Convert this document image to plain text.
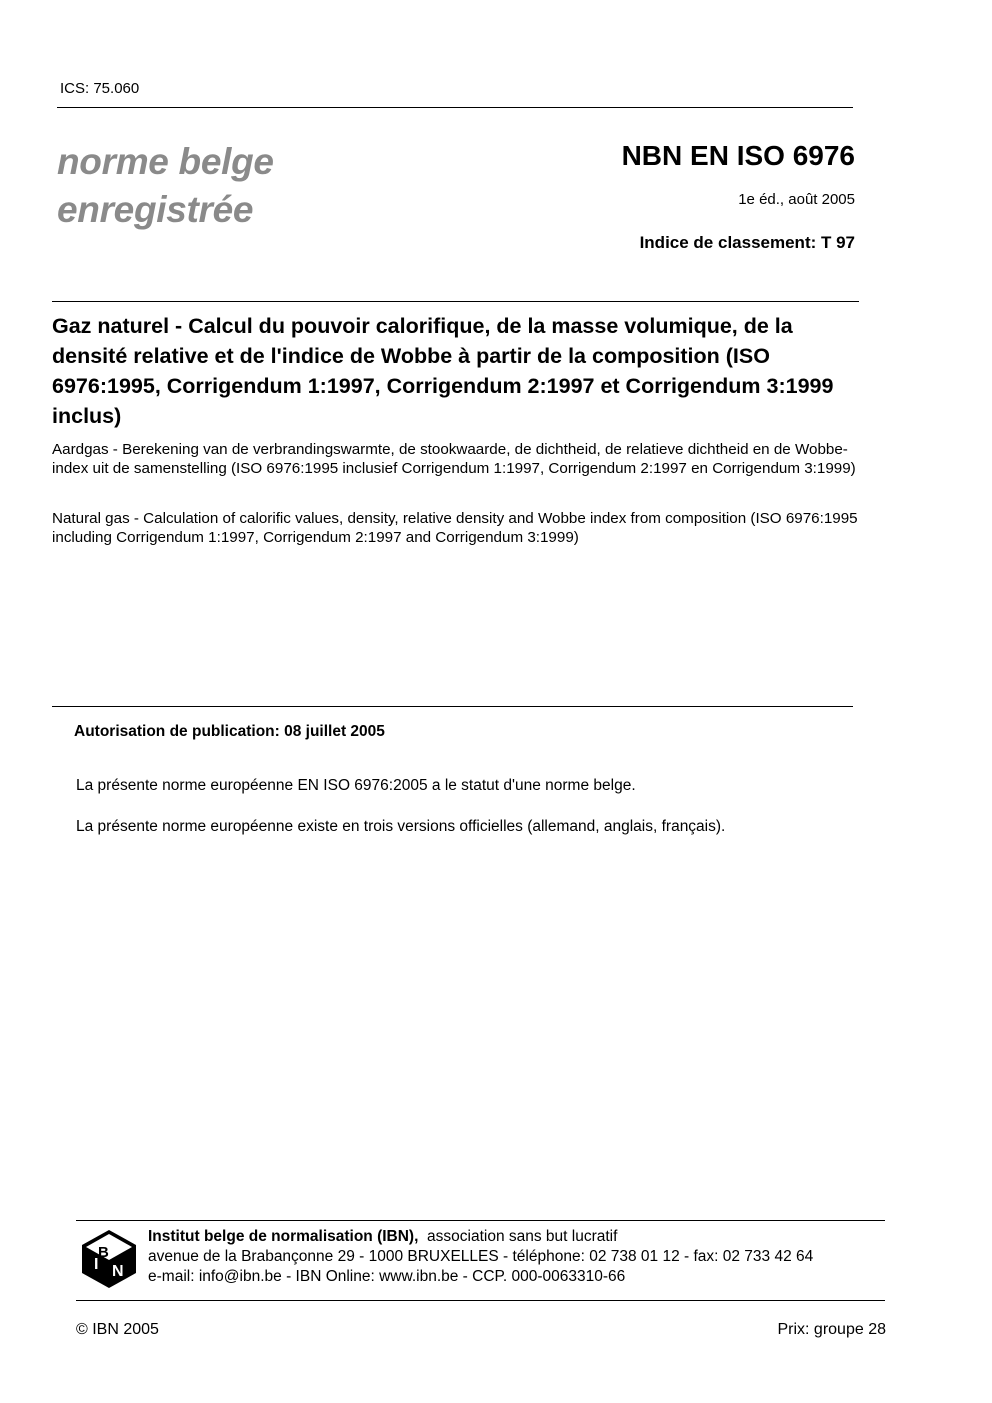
ICS: 75.060
norme belge
enregistrée
NBN EN ISO 6976
1e éd., août 2005
Indice de classement: T 97
Gaz naturel - Calcul du pouvoir calorifique, de la masse volumique, de la densité relative et de l'indice de Wobbe à partir de la composition (ISO 6976:1995, Corrigendum 1:1997, Corrigendum 2:1997 et Corrigendum 3:1999 inclus)
Aardgas - Berekening van de verbrandingswarmte, de stookwaarde, de dichtheid, de relatieve dichtheid en de Wobbe-index uit de samenstelling (ISO 6976:1995 inclusief Corrigendum 1:1997, Corrigendum 2:1997 en Corrigendum 3:1999)
Natural gas - Calculation of calorific values, density, relative density and Wobbe index from composition (ISO 6976:1995 including Corrigendum 1:1997, Corrigendum 2:1997 and Corrigendum 3:1999)
Autorisation de publication: 08 juillet 2005
La présente norme européenne EN ISO 6976:2005 a le statut d'une norme belge.
La présente norme européenne existe en trois versions officielles (allemand, anglais, français).
I
B
N
Institut belge de normalisation (IBN), association sans but lucratif
avenue de la Brabançonne 29 - 1000 BRUXELLES - téléphone: 02 738 01 12 - fax: 02 733 42 64
e-mail: info@ibn.be - IBN Online: www.ibn.be - CCP. 000-0063310-66
© IBN 2005	Prix: groupe 28
